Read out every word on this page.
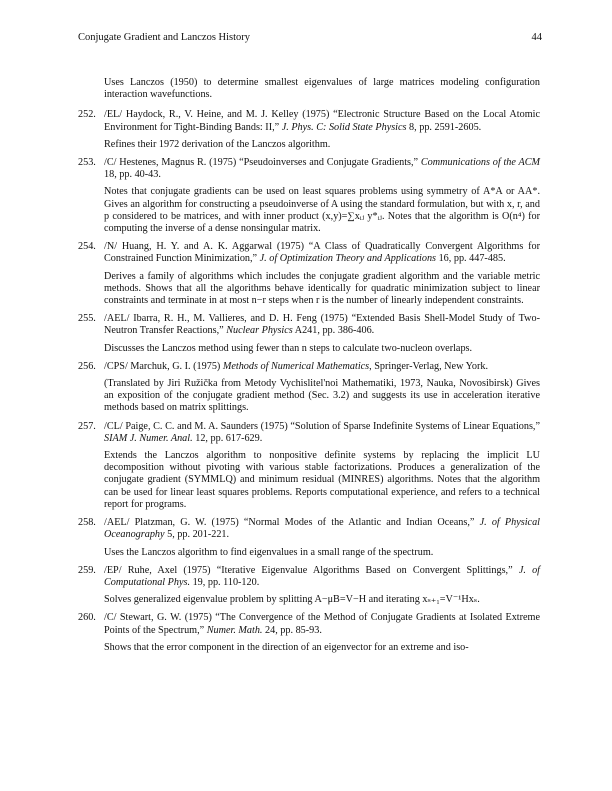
Conjugate Gradient and Lanczos History	44
Uses Lanczos (1950) to determine smallest eigenvalues of large matrices modeling configuration interaction wavefunctions.
252. /EL/ Haydock, R., V. Heine, and M. J. Kelley (1975) “Electronic Structure Based on the Local Atomic Environment for Tight-Binding Bands: II,” J. Phys. C: Solid State Physics 8, pp. 2591-2605.
Refines their 1972 derivation of the Lanczos algorithm.
253. /C/ Hestenes, Magnus R. (1975) “Pseudoinverses and Conjugate Gradients,” Communications of the ACM 18, pp. 40-43.
Notes that conjugate gradients can be used on least squares problems using symmetry of A*A or AA*. Gives an algorithm for constructing a pseudoinverse of A using the standard formulation, but with x, r, and p considered to be matrices, and with inner product (x,y)=∑xᵢⱼ y*ᵢⱼ. Notes that the algorithm is O(n⁴) for computing the inverse of a dense nonsingular matrix.
254. /N/ Huang, H. Y. and A. K. Aggarwal (1975) “A Class of Quadratically Convergent Algorithms for Constrained Function Minimization,” J. of Optimization Theory and Applications 16, pp. 447-485.
Derives a family of algorithms which includes the conjugate gradient algorithm and the variable metric methods. Shows that all the algorithms behave identically for quadratic minimization subject to linear constraints and terminate in at most n−r steps when r is the number of linearly independent constraints.
255. /AEL/ Ibarra, R. H., M. Vallieres, and D. H. Feng (1975) “Extended Basis Shell-Model Study of Two-Neutron Transfer Reactions,” Nuclear Physics A241, pp. 386-406.
Discusses the Lanczos method using fewer than n steps to calculate two-nucleon overlaps.
256. /CPS/ Marchuk, G. I. (1975) Methods of Numerical Mathematics, Springer-Verlag, New York.
(Translated by Jiri Ružička from Metody Vychislitel'noi Mathematiki, 1973, Nauka, Novosibirsk) Gives an exposition of the conjugate gradient method (Sec. 3.2) and suggests its use in acceleration iterative methods based on matrix splittings.
257. /CL/ Paige, C. C. and M. A. Saunders (1975) “Solution of Sparse Indefinite Systems of Linear Equations,” SIAM J. Numer. Anal. 12, pp. 617-629.
Extends the Lanczos algorithm to nonpositive definite systems by replacing the implicit LU decomposition without pivoting with various stable factorizations. Produces a generalization of the conjugate gradient (SYMMLQ) and minimum residual (MINRES) algorithms. Notes that the algorithm can be used for linear least squares problems. Reports computational experience, and refers to a technical report for programs.
258. /AEL/ Platzman, G. W. (1975) “Normal Modes of the Atlantic and Indian Oceans,” J. of Physical Oceanography 5, pp. 201-221.
Uses the Lanczos algorithm to find eigenvalues in a small range of the spectrum.
259. /EP/ Ruhe, Axel (1975) “Iterative Eigenvalue Algorithms Based on Convergent Splittings,” J. of Computational Phys. 19, pp. 110-120.
Solves generalized eigenvalue problem by splitting A−μB=V−H and iterating xₛ₊₁=V⁻¹Hxₛ.
260. /C/ Stewart, G. W. (1975) “The Convergence of the Method of Conjugate Gradients at Isolated Extreme Points of the Spectrum,” Numer. Math. 24, pp. 85-93.
Shows that the error component in the direction of an eigenvector for an extreme and iso-
